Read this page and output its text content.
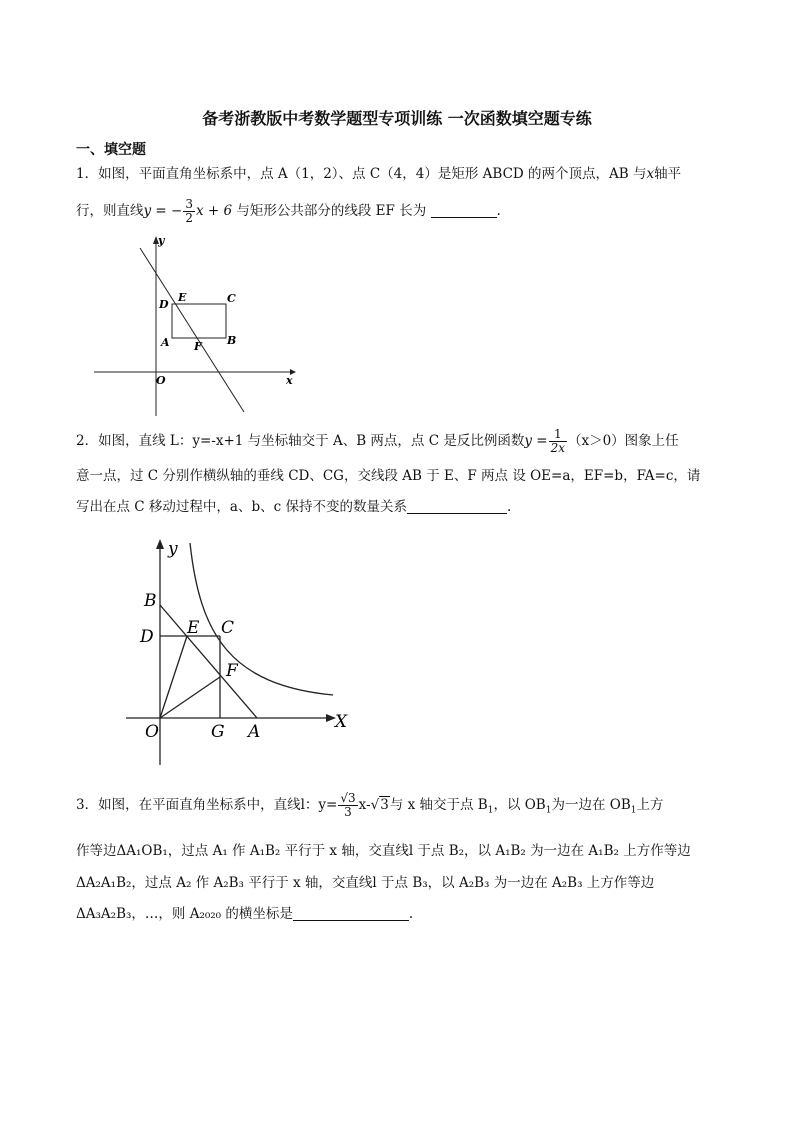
备考浙教版中考数学题型专项训练 一次函数填空题专练
一、填空题
1．如图，平面直角坐标系中，点 A（1，2）、点 C（4，4）是矩形 ABCD 的两个顶点，AB 与x轴平
行，则直线y = − $\frac{3}{2}$ x + 6 与矩形公共部分的线段 EF 长为	.
y
x
O
D
E	C
A F B
2．如图，直线 L：y=-x+1 与坐标轴交于 A、B 两点，点 C 是反比例函数$y = \frac{1}{2x} (x>0)$图象上任
意一点，过 C 分别作横纵轴的垂线 CD、CG，交线段 AB 于 E、F 两点 设 OE=a，EF=b，FA=c，请
写出在点 C 移动过程中，a、b、c 保持不变的数量关系	.
y
X
O	G A
B
D E C
F
3．如图，在平面直角坐标系中，直线l：$y= \frac{√3}{3} x-√3$与 x 轴交于点 $B_1$，以 $OB_1$为一边在 $OB_1$上方
作等边ΔA₁OB₁，过点 A₁ 作 A₁B₂ 平行于 x 轴，交直线l 于点 B₂，以 A₁B₂ 为一边在 A₁B₂ 上方作等边
ΔA₂A₁B₂，过点 A₂ 作 A₂B₃ 平行于 x 轴，交直线l 于点 B₃，以 A₂B₃ 为一边在 A₂B₃ 上方作等边
ΔA₃A₂B₃，…，则 A₂₀₂₀ 的横坐标是	.
